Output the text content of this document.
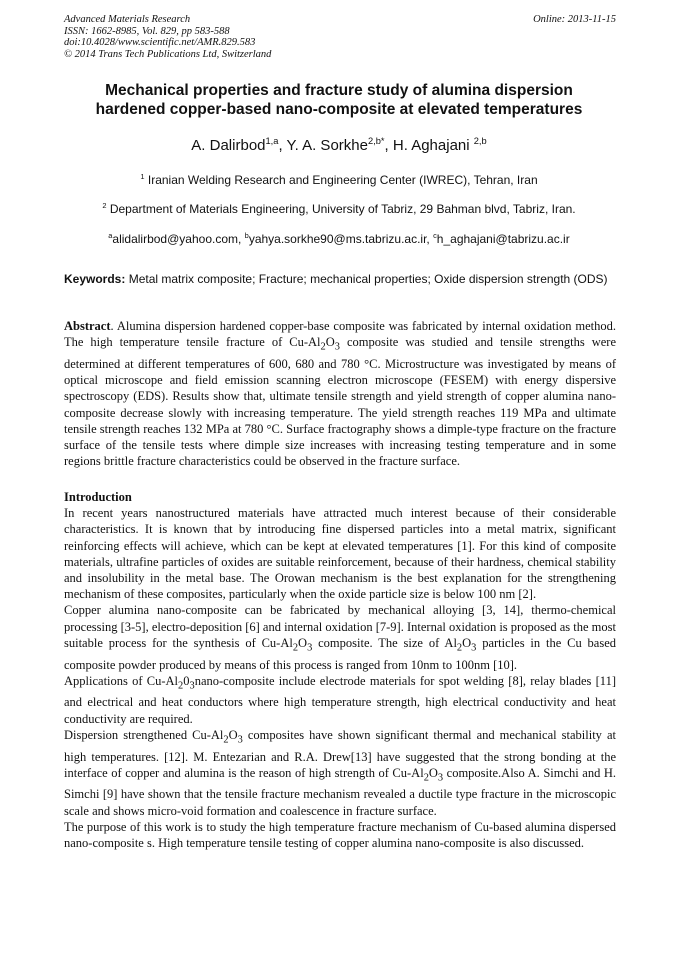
Advanced Materials Research
ISSN: 1662-8985, Vol. 829, pp 583-588
doi:10.4028/www.scientific.net/AMR.829.583
© 2014 Trans Tech Publications Ltd, Switzerland
Online: 2013-11-15
Mechanical properties and fracture study of alumina dispersion
hardened copper-based nano-composite at elevated temperatures
A. Dalirbod$^{1,a}$, Y. A. Sorkhe$^{2,b*}$, H. Aghajani $^{2,b}$
$^1$ Iranian Welding Research and Engineering Center (IWREC), Tehran, Iran
$^2$ Department of Materials Engineering, University of Tabriz, 29 Bahman blvd, Tabriz, Iran.
$^a$alidalirbod@yahoo.com, $^b$yahya.sorkhe90@ms.tabrizu.ac.ir, $^c$h_aghajani@tabrizu.ac.ir
Keywords: Metal matrix composite; Fracture; mechanical properties; Oxide dispersion strength (ODS)
Abstract. Alumina dispersion hardened copper-base composite was fabricated by internal oxidation method. The high temperature tensile fracture of $Cu-Al_2O_3$ composite was studied and tensile strengths were determined at different temperatures of 600, 680 and 780 °C. Microstructure was investigated by means of optical microscope and field emission scanning electron microscope (FESEM) with energy dispersive spectroscopy (EDS). Results show that, ultimate tensile strength and yield strength of copper alumina nano-composite decrease slowly with increasing temperature. The yield strength reaches 119 MPa and ultimate tensile strength reaches 132 MPa at 780 °C. Surface fractography shows a dimple-type fracture on the fracture surface of the tensile tests where dimple size increases with increasing testing temperature and in some regions brittle fracture characteristics could be observed in the fracture surface.

Introduction

In recent years nanostructured materials have attracted much interest because of their considerable characteristics. It is known that by introducing fine dispersed particles into a metal matrix, significant reinforcing effects will achieve, which can be kept at elevated temperatures [1]. For this kind of composite materials, ultrafine particles of oxides are suitable reinforcement, because of their hardness, chemical stability and insolubility in the metal base. The Orowan mechanism is the best explanation for the strengthening mechanism of these composites, particularly when the oxide particle size is below 100 nm [2].

Copper alumina nano-composite can be fabricated by mechanical alloying [3, 14], thermo-chemical processing [3-5], electro-deposition [6] and internal oxidation [7-9]. Internal oxidation is proposed as the most suitable process for the synthesis of $Cu-Al_2O_3$ composite. The size of $Al_2O_3$ particles in the Cu based composite powder produced by means of this process is ranged from 10nm to 100nm [10].

Applications of $Cu-Al_20_3nano$-composite include electrode materials for spot welding [8], relay blades [11] and electrical and heat conductors where high temperature strength, high electrical conductivity and heat conductivity are required.

Dispersion strengthened $Cu-Al_2O_3$ composites have shown significant thermal and mechanical stability at high temperatures. [12]. M. Entezarian and R.A. Drew[13] have suggested that the strong bonding at the interface of copper and alumina is the reason of high strength of $Cu-Al_2O_3$ composite.Also A. Simchi and H. Simchi [9] have shown that the tensile fracture mechanism revealed a ductile type fracture in the microscopic scale and shows micro-void formation and coalescence in fracture surface.

The purpose of this work is to study the high temperature fracture mechanism of Cu-based alumina dispersed nano-composite s. High temperature tensile testing of copper alumina nano-composite is also discussed.
